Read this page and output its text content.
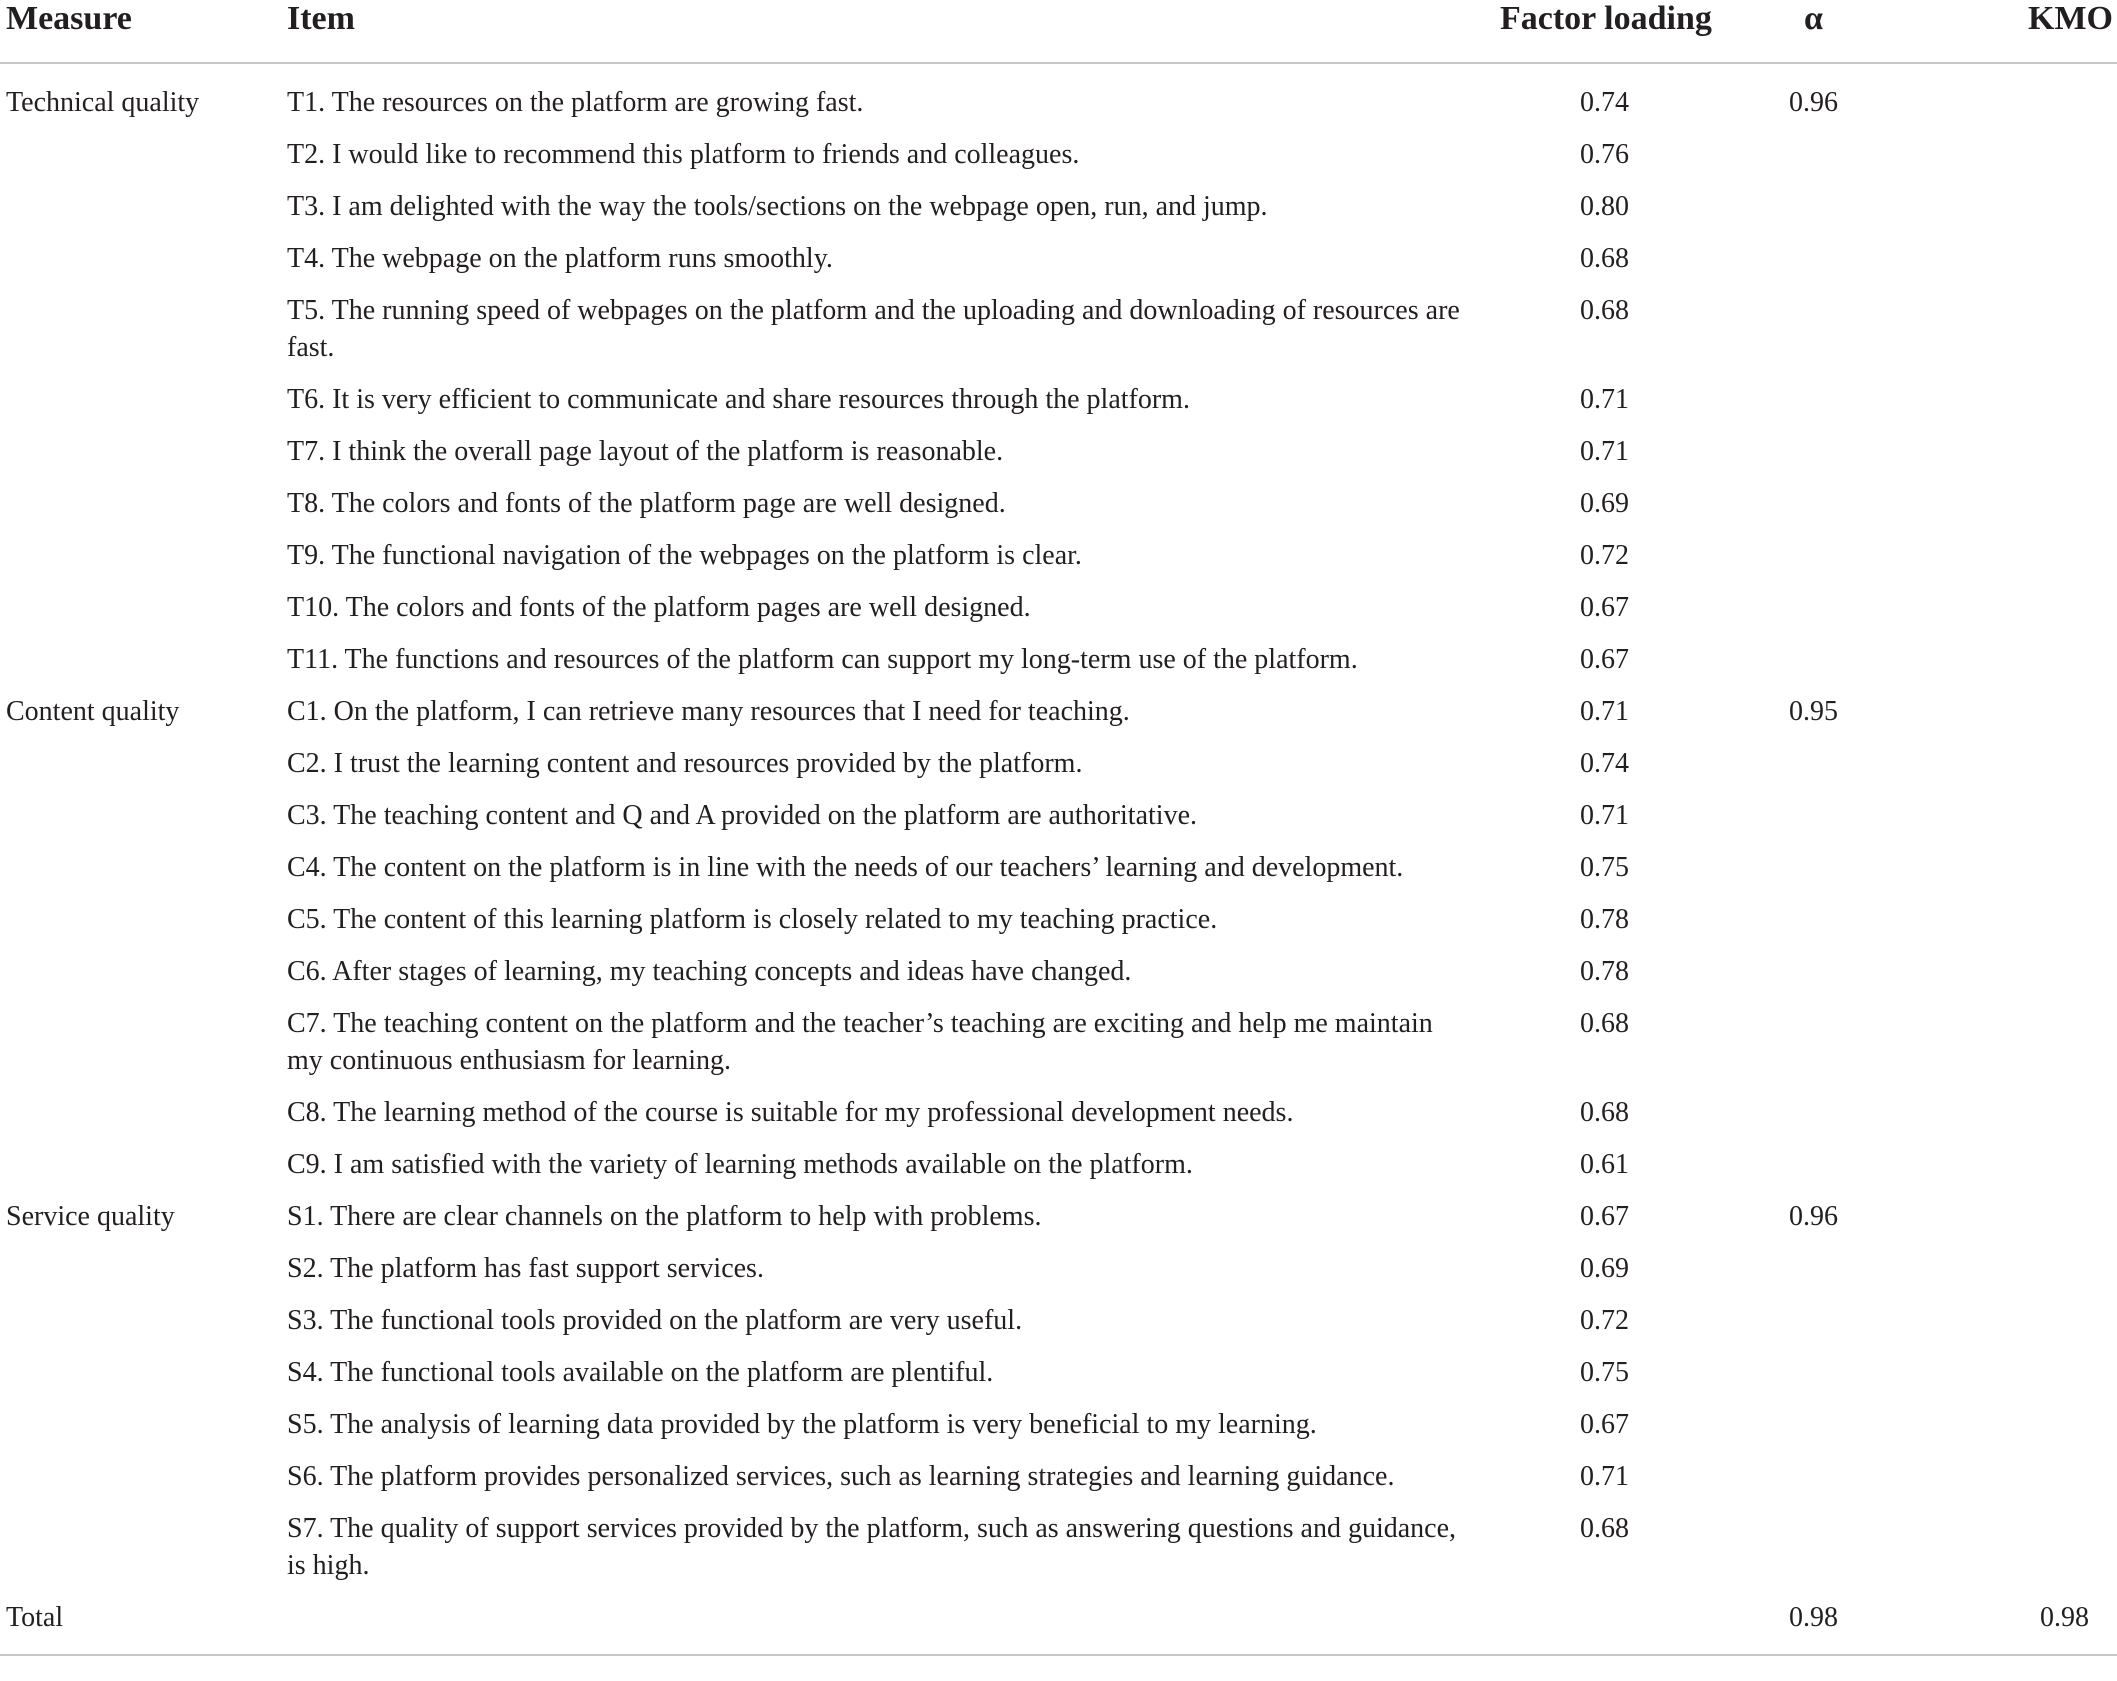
Measure	Item	Factor loading	α	KMO
Technical quality	T1. The resources on the platform are growing fast.	0.74	0.96	
	T2. I would like to recommend this platform to friends and colleagues.	0.76		
	T3. I am delighted with the way the tools/sections on the webpage open, run, and jump.	0.80		
	T4. The webpage on the platform runs smoothly.	0.68		
	T5. The running speed of webpages on the platform and the uploading and downloading of resources are fast.	0.68		
	T6. It is very efficient to communicate and share resources through the platform.	0.71		
	T7. I think the overall page layout of the platform is reasonable.	0.71		
	T8. The colors and fonts of the platform page are well designed.	0.69		
	T9. The functional navigation of the webpages on the platform is clear.	0.72		
	T10. The colors and fonts of the platform pages are well designed.	0.67		
	T11. The functions and resources of the platform can support my long-term use of the platform.	0.67		
Content quality	C1. On the platform, I can retrieve many resources that I need for teaching.	0.71	0.95	
	C2. I trust the learning content and resources provided by the platform.	0.74		
	C3. The teaching content and Q and A provided on the platform are authoritative.	0.71		
	C4. The content on the platform is in line with the needs of our teachers’ learning and development.	0.75		
	C5. The content of this learning platform is closely related to my teaching practice.	0.78		
	C6. After stages of learning, my teaching concepts and ideas have changed.	0.78		
	C7. The teaching content on the platform and the teacher’s teaching are exciting and help me maintain my continuous enthusiasm for learning.	0.68		
	C8. The learning method of the course is suitable for my professional development needs.	0.68		
	C9. I am satisfied with the variety of learning methods available on the platform.	0.61		
Service quality	S1. There are clear channels on the platform to help with problems.	0.67	0.96	
	S2. The platform has fast support services.	0.69		
	S3. The functional tools provided on the platform are very useful.	0.72		
	S4. The functional tools available on the platform are plentiful.	0.75		
	S5. The analysis of learning data provided by the platform is very beneficial to my learning.	0.67		
	S6. The platform provides personalized services, such as learning strategies and learning guidance.	0.71		
	S7. The quality of support services provided by the platform, such as answering questions and guidance, is high.	0.68		
Total			0.98	0.98
